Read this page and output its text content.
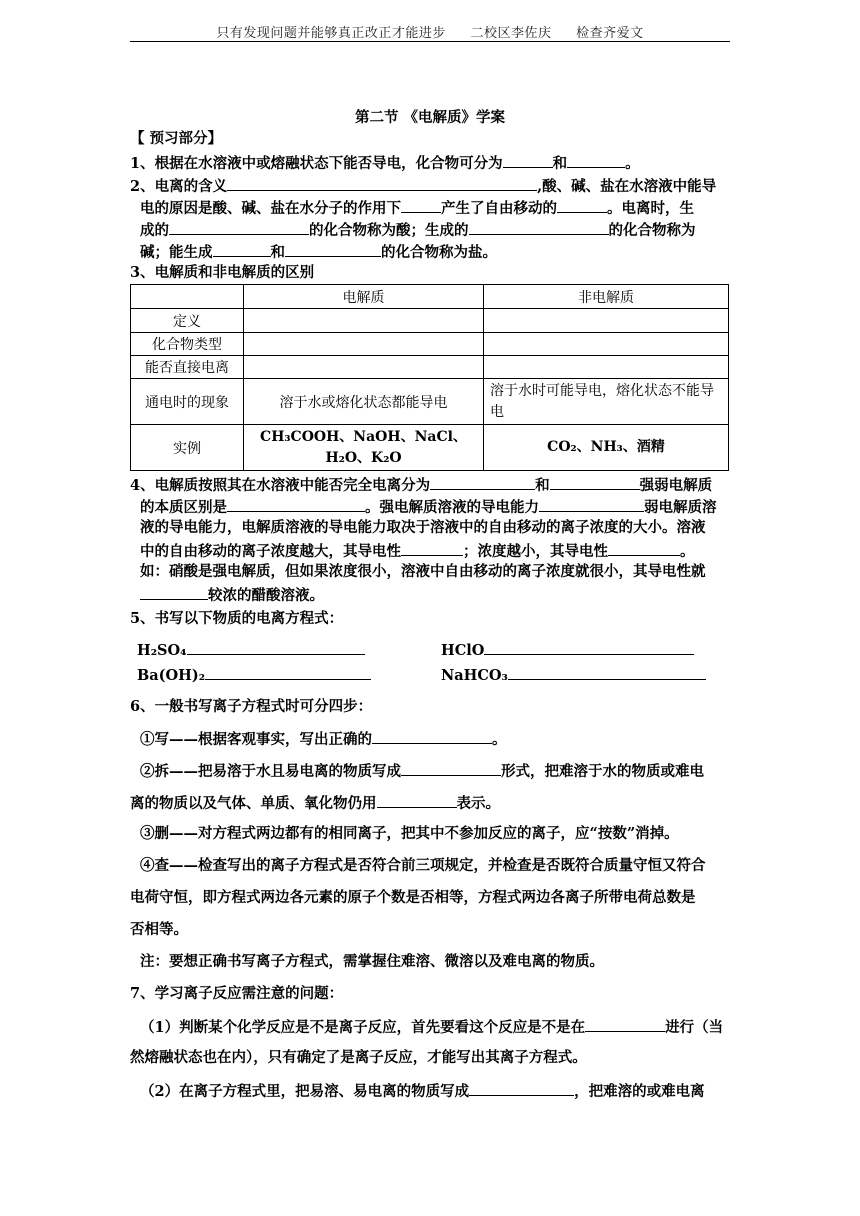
只有发现问题并能够真正改正才能进步 二校区李佐庆 检查齐爱文
第二节 《电解质》学案
【 预习部分】
1、根据在水溶液中或熔融状态下能否导电，化合物可分为	和	。
2、电离的含义	,酸、碱、盐在水溶液中能导
电的原因是酸、碱、盐在水分子的作用下	产生了自由移动的	。电离时，生
成的	的化合物称为酸；生成的	的化合物称为
碱；能生成	和	的化合物称为盐。
3、电解质和非电解质的区别
	电解质	非电解质
定义		
化合物类型		
能否直接电离		
通电时的现象	溶于水或熔化状态都能导电	溶于水时可能导电，熔化状态不能导电
实例	CH₃COOH、NaOH、NaCl、H₂O、K₂O	CO₂、NH₃、酒精
4、电解质按照其在水溶液中能否完全电离分为	和	强弱电解质
的本质区别是	。强电解质溶液的导电能力	弱电解质溶
液的导电能力，电解质溶液的导电能力取决于溶液中的自由移动的离子浓度的大小。溶液
中的自由移动的离子浓度越大，其导电性	；浓度越小，其导电性	。
如：硝酸是强电解质，但如果浓度很小，溶液中自由移动的离子浓度就很小，其导电性就
较浓的醋酸溶液。
5、书写以下物质的电离方程式：
H₂SO₄	HClO
Ba(OH)₂	NaHCO₃
6、一般书写离子方程式时可分四步：
①写——根据客观事实，写出正确的	。
②拆——把易溶于水且易电离的物质写成	形式，把难溶于水的物质或难电
离的物质以及气体、单质、氧化物仍用	表示。
③删——对方程式两边都有的相同离子，把其中不参加反应的离子，应“按数”消掉。
④查——检查写出的离子方程式是否符合前三项规定，并检查是否既符合质量守恒又符合
电荷守恒，即方程式两边各元素的原子个数是否相等，方程式两边各离子所带电荷总数是
否相等。
注：要想正确书写离子方程式，需掌握住难溶、微溶以及难电离的物质。
7、学习离子反应需注意的问题：
（1）判断某个化学反应是不是离子反应，首先要看这个反应是不是在	进行（当
然熔融状态也在内），只有确定了是离子反应，才能写出其离子方程式。
（2）在离子方程式里，把易溶、易电离的物质写成	，把难溶的或难电离
